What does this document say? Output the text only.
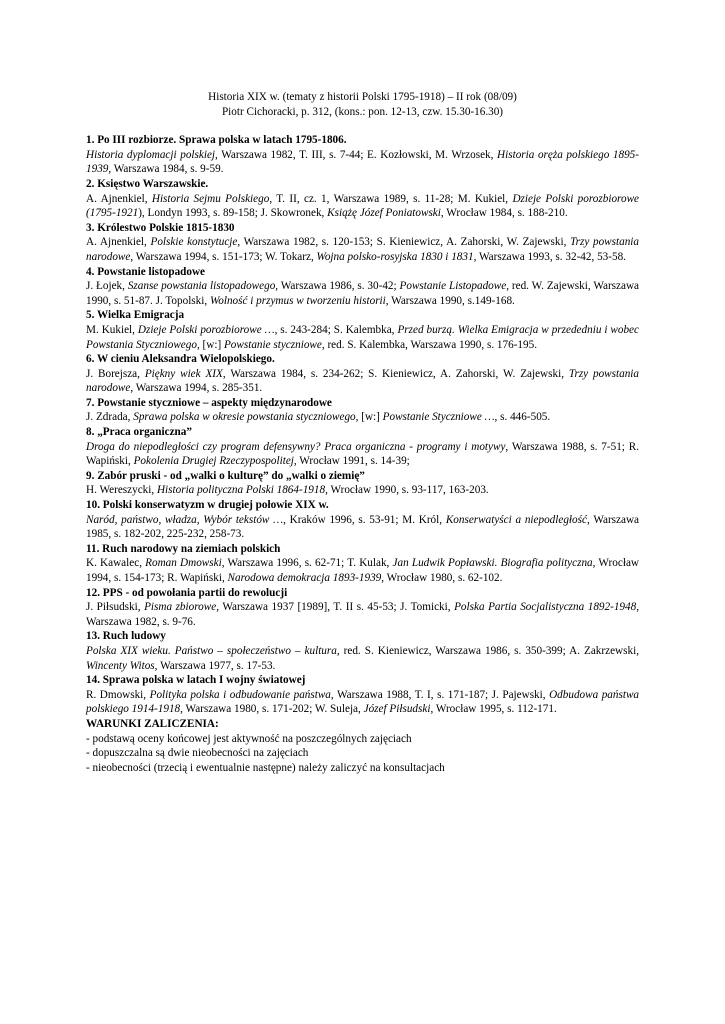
Historia XIX w. (tematy z historii Polski 1795-1918) – II rok (08/09)
Piotr Cichoracki, p. 312, (kons.: pon. 12-13, czw. 15.30-16.30)
1. Po III rozbiorze. Sprawa polska w latach 1795-1806.
Historia dyplomacji polskiej, Warszawa 1982, T. III, s. 7-44; E. Kozłowski, M. Wrzosek, Historia oręża polskiego 1895-1939, Warszawa 1984, s. 9-59.
2. Księstwo Warszawskie.
A. Ajnenkiel, Historia Sejmu Polskiego, T. II, cz. 1, Warszawa 1989, s. 11-28; M. Kukiel, Dzieje Polski porozbiorowe (1795-1921), Londyn 1993, s. 89-158; J. Skowronek, Książę Józef Poniatowski, Wrocław 1984, s. 188-210.
3. Królestwo Polskie 1815-1830
A. Ajnenkiel, Polskie konstytucje, Warszawa 1982, s. 120-153; S. Kieniewicz, A. Zahorski, W. Zajewski, Trzy powstania narodowe, Warszawa 1994, s. 151-173; W. Tokarz, Wojna polsko-rosyjska 1830 i 1831, Warszawa 1993, s. 32-42, 53-58.
4. Powstanie listopadowe
J. Łojek, Szanse powstania listopadowego, Warszawa 1986, s. 30-42; Powstanie Listopadowe, red. W. Zajewski, Warszawa 1990, s. 51-87. J. Topolski, Wolność i przymus w tworzeniu historii, Warszawa 1990, s.149-168.
5. Wielka Emigracja
M. Kukiel, Dzieje Polski porozbiorowe …, s. 243-284; S. Kalembka, Przed burzą. Wielka Emigracja w przededniu i wobec Powstania Styczniowego, [w:] Powstanie styczniowe, red. S. Kalembka, Warszawa 1990, s. 176-195.
6. W cieniu Aleksandra Wielopolskiego.
J. Borejsza, Piękny wiek XIX, Warszawa 1984, s. 234-262; S. Kieniewicz, A. Zahorski, W. Zajewski, Trzy powstania narodowe, Warszawa 1994, s. 285-351.
7. Powstanie styczniowe – aspekty międzynarodowe
J. Zdrada, Sprawa polska w okresie powstania styczniowego, [w:] Powstanie Styczniowe …, s. 446-505.
8. „Praca organiczna”
Droga do niepodległości czy program defensywny? Praca organiczna - programy i motywy, Warszawa 1988, s. 7-51; R. Wapiński, Pokolenia Drugiej Rzeczypospolitej, Wrocław 1991, s. 14-39;
9. Zabór pruski - od „walki o kulturę” do „walki o ziemię”
H. Wereszycki, Historia polityczna Polski 1864-1918, Wrocław 1990, s. 93-117, 163-203.
10. Polski konserwatyzm w drugiej połowie XIX w.
Naród, państwo, władza, Wybór tekstów …, Kraków 1996, s. 53-91; M. Król, Konserwatyści a niepodległość, Warszawa 1985, s. 182-202, 225-232, 258-73.
11. Ruch narodowy na ziemiach polskich
K. Kawalec, Roman Dmowski, Warszawa 1996, s. 62-71; T. Kulak, Jan Ludwik Popławski. Biografia polityczna, Wrocław 1994, s. 154-173; R. Wapiński, Narodowa demokracja 1893-1939, Wrocław 1980, s. 62-102.
12. PPS - od powołania partii do rewolucji
J. Piłsudski, Pisma zbiorowe, Warszawa 1937 [1989], T. II s. 45-53; J. Tomicki, Polska Partia Socjalistyczna 1892-1948, Warszawa 1982, s. 9-76.
13. Ruch ludowy
Polska XIX wieku. Państwo – społeczeństwo – kultura, red. S. Kieniewicz, Warszawa 1986, s. 350-399; A. Zakrzewski, Wincenty Witos, Warszawa 1977, s. 17-53.
14. Sprawa polska w latach I wojny światowej
R. Dmowski, Polityka polska i odbudowanie państwa, Warszawa 1988, T. I, s. 171-187; J. Pajewski, Odbudowa państwa polskiego 1914-1918, Warszawa 1980, s. 171-202; W. Suleja, Józef Piłsudski, Wrocław 1995, s. 112-171.
WARUNKI ZALICZENIA:
- podstawą oceny końcowej jest aktywność na poszczególnych zajęciach
- dopuszczalna są dwie nieobecności na zajęciach
- nieobecności (trzecią i ewentualnie następne) należy zaliczyć na konsultacjach
